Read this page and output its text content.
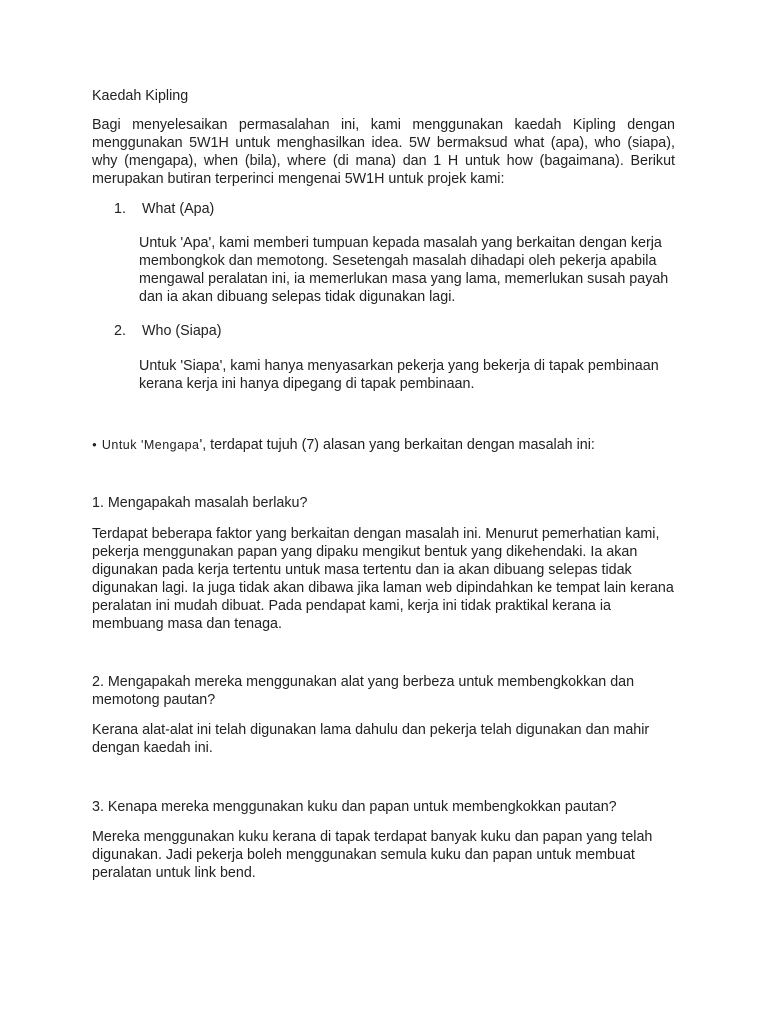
Kaedah Kipling

Bagi menyelesaikan permasalahan ini, kami menggunakan kaedah Kipling dengan menggunakan 5W1H untuk menghasilkan idea. 5W bermaksud what (apa), who (siapa), why (mengapa), when (bila), where (di mana) dan 1 H untuk how (bagaimana). Berikut merupakan butiran terperinci mengenai 5W1H untuk projek kami:

1.	What (Apa)

Untuk 'Apa', kami memberi tumpuan kepada masalah yang berkaitan dengan kerja membongkok dan memotong. Sesetengah masalah dihadapi oleh pekerja apabila mengawal peralatan ini, ia memerlukan masa yang lama, memerlukan susah payah dan ia akan dibuang selepas tidak digunakan lagi.

2.	Who (Siapa)

Untuk 'Siapa', kami hanya menyasarkan pekerja yang bekerja di tapak pembinaan kerana kerja ini hanya dipegang di tapak pembinaan.

● Untuk 'Mengapa ', terdapat tujuh (7) alasan yang berkaitan dengan masalah ini:

1. Mengapakah masalah berlaku?

Terdapat beberapa faktor yang berkaitan dengan masalah ini. Menurut pemerhatian kami, pekerja menggunakan papan yang dipaku mengikut bentuk yang dikehendaki. Ia akan digunakan pada kerja tertentu untuk masa tertentu dan ia akan dibuang selepas tidak digunakan lagi. Ia juga tidak akan dibawa jika laman web dipindahkan ke tempat lain kerana peralatan ini mudah dibuat. Pada pendapat kami, kerja ini tidak praktikal kerana ia membuang masa dan tenaga.

2. Mengapakah mereka menggunakan alat yang berbeza untuk membengkokkan dan memotong pautan?

Kerana alat-alat ini telah digunakan lama dahulu dan pekerja telah digunakan dan mahir dengan kaedah ini.

3. Kenapa mereka menggunakan kuku dan papan untuk membengkokkan pautan?

Mereka menggunakan kuku kerana di tapak terdapat banyak kuku dan papan yang telah digunakan. Jadi pekerja boleh menggunakan semula kuku dan papan untuk membuat peralatan untuk link bend.
